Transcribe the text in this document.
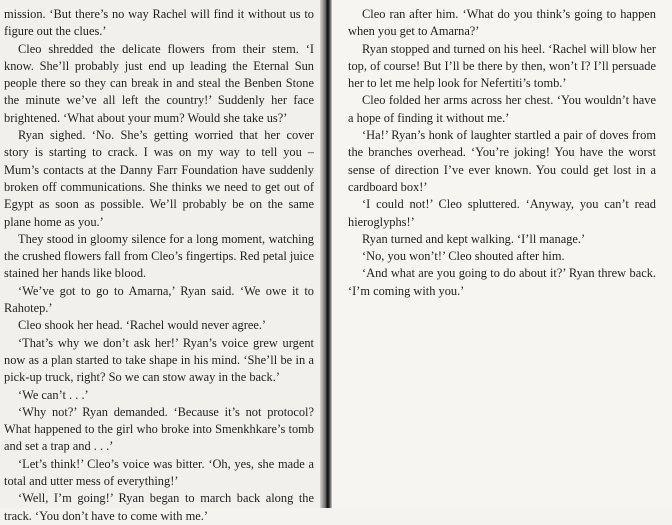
mission. ‘But there’s no way Rachel will find it without us to figure out the clues.’

Cleo shredded the delicate flowers from their stem. ‘I know. She’ll probably just end up leading the Eternal Sun people there so they can break in and steal the Benben Stone the minute we’ve all left the country!’ Suddenly her face brightened. ‘What about your mum? Would she take us?’

Ryan sighed. ‘No. She’s getting worried that her cover story is starting to crack. I was on my way to tell you – Mum’s contacts at the Danny Farr Foundation have suddenly broken off communications. She thinks we need to get out of Egypt as soon as possible. We’ll probably be on the same plane home as you.’

They stood in gloomy silence for a long moment, watching the crushed flowers fall from Cleo’s fingertips. Red petal juice stained her hands like blood.

‘We’ve got to go to Amarna,’ Ryan said. ‘We owe it to Rahotep.’

Cleo shook her head. ‘Rachel would never agree.’

‘That’s why we don’t ask her!’ Ryan’s voice grew urgent now as a plan started to take shape in his mind. ‘She’ll be in a pick-up truck, right? So we can stow away in the back.’

‘We can’t . . .’

‘Why not?’ Ryan demanded. ‘Because it’s not protocol? What happened to the girl who broke into Smenkhkare’s tomb and set a trap and . . .’

‘Let’s think!’ Cleo’s voice was bitter. ‘Oh, yes, she made a total and utter mess of everything!’

‘Well, I’m going!’ Ryan began to march back along the track. ‘You don’t have to come with me.’

Cleo ran after him. ‘What do you think’s going to happen when you get to Amarna?’

Ryan stopped and turned on his heel. ‘Rachel will blow her top, of course! But I’ll be there by then, won’t I? I’ll persuade her to let me help look for Nefertiti’s tomb.’

Cleo folded her arms across her chest. ‘You wouldn’t have a hope of finding it without me.’

‘Ha!’ Ryan’s honk of laughter startled a pair of doves from the branches overhead. ‘You’re joking! You have the worst sense of direction I’ve ever known. You could get lost in a cardboard box!’

‘I could not!’ Cleo spluttered. ‘Anyway, you can’t read hieroglyphs!’

Ryan turned and kept walking. ‘I’ll manage.’

‘No, you won’t!’ Cleo shouted after him.

‘And what are you going to do about it?’ Ryan threw back. ‘I’m coming with you.’
